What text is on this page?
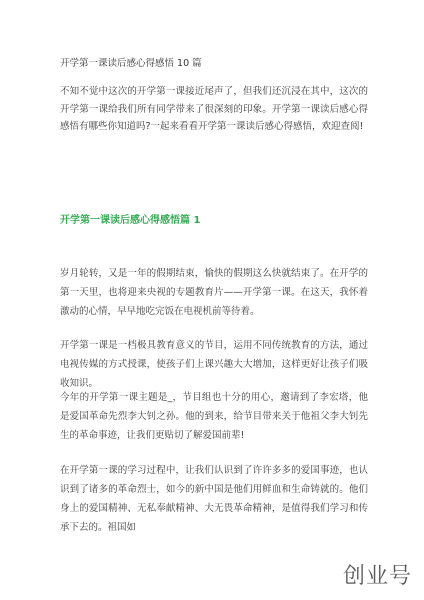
开学第一课读后感心得感悟 10 篇

不知不觉中这次的开学第一课接近尾声了，但我们还沉浸在其中，这次的开学第一课给我们所有同学带来了很深刻的印象。开学第一课读后感心得感悟有哪些你知道吗?一起来看看开学第一课读后感心得感悟，欢迎查阅!

开学第一课读后感心得感悟篇 1

岁月轮转，又是一年的假期结束，愉快的假期这么快就结束了。在开学的第一天里，也将迎来央视的专题教育片——开学第一课。在这天，我怀着激动的心情，早早地吃完饭在电视机前等待着。

开学第一课是一档极具教育意义的节目，运用不同传统教育的方法，通过电视传媒的方式授课，使孩子们上课兴趣大大增加，这样更好让孩子们吸收知识。

今年的开学第一课主题是_，节目组也十分的用心，邀请到了李宏塔，他是爱国革命先烈李大钊之孙。他的到来，给节目带来关于他祖父李大钊先生的革命事迹，让我们更贴切了解爱国前辈!

在开学第一课的学习过程中，让我们认识到了许许多多的爱国事迹，也认识到了诸多的革命烈士，如今的新中国是他们用鲜血和生命铸就的。他们身上的爱国精神、无私奉献精神、大无畏革命精神，是值得我们学习和传承下去的。祖国如

创业号
